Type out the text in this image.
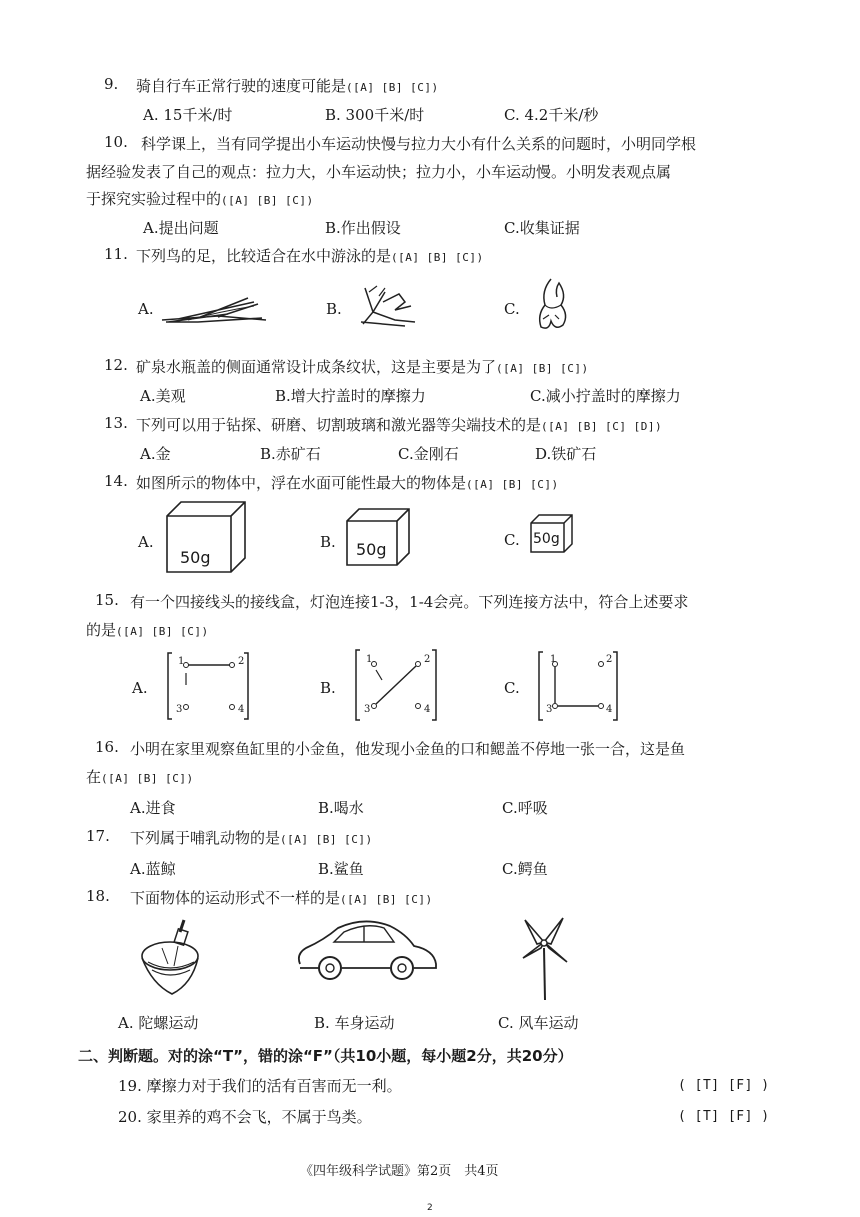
9. 骑自行车正常行驶的速度可能是([A] [B] [C])
A. 15千米/时	B. 300千米/时	C. 4.2千米/秒
10. 科学课上，当有同学提出小车运动快慢与拉力大小有什么关系的问题时，小明同学根
据经验发表了自己的观点：拉力大，小车运动快；拉力小，小车运动慢。小明发表观点属
于探究实验过程中的([A] [B] [C])
A.提出问题	B.作出假设	C.收集证据
11. 下列鸟的足，比较适合在水中游泳的是([A] [B] [C])
A.	B.	C.
12. 矿泉水瓶盖的侧面通常设计成条纹状，这是主要是为了([A] [B] [C])
A.美观	B.增大拧盖时的摩擦力	C.减小拧盖时的摩擦力
13. 下列可以用于钻探、研磨、切割玻璃和激光器等尖端技术的是([A] [B] [C] [D])
A.金	B.赤矿石	C.金刚石	D.铁矿石
14. 如图所示的物体中，浮在水面可能性最大的物体是([A] [B] [C])
A.
50g
B. 50g	C. 50g
15. 有一个四接线头的接线盒，灯泡连接1-3，1-4会亮。下列连接方法中，符合上述要求
的是([A] [B] [C])
A.
1	2
3	4
B.
1	2
3	4
C.
1	2
3	4
16. 小明在家里观察鱼缸里的小金鱼，他发现小金鱼的口和鳃盖不停地一张一合，这是鱼
在([A] [B] [C])
A.进食	B.喝水	C.呼吸
17. 下列属于哺乳动物的是([A] [B] [C])
A.蓝鲸	B.鲨鱼	C.鳄鱼
18. 下面物体的运动形式不一样的是([A] [B] [C])
A. 陀螺运动	B. 车身运动	C. 风车运动
二、判断题。对的涂“T”，错的涂“F”（共10小题，每小题2分，共20分）
19. 摩擦力对于我们的活有百害而无一利。	( [T] [F] )
20. 家里养的鸡不会飞，不属于鸟类。	( [T] [F] )
《四年级科学试题》第2页　共4页
2
